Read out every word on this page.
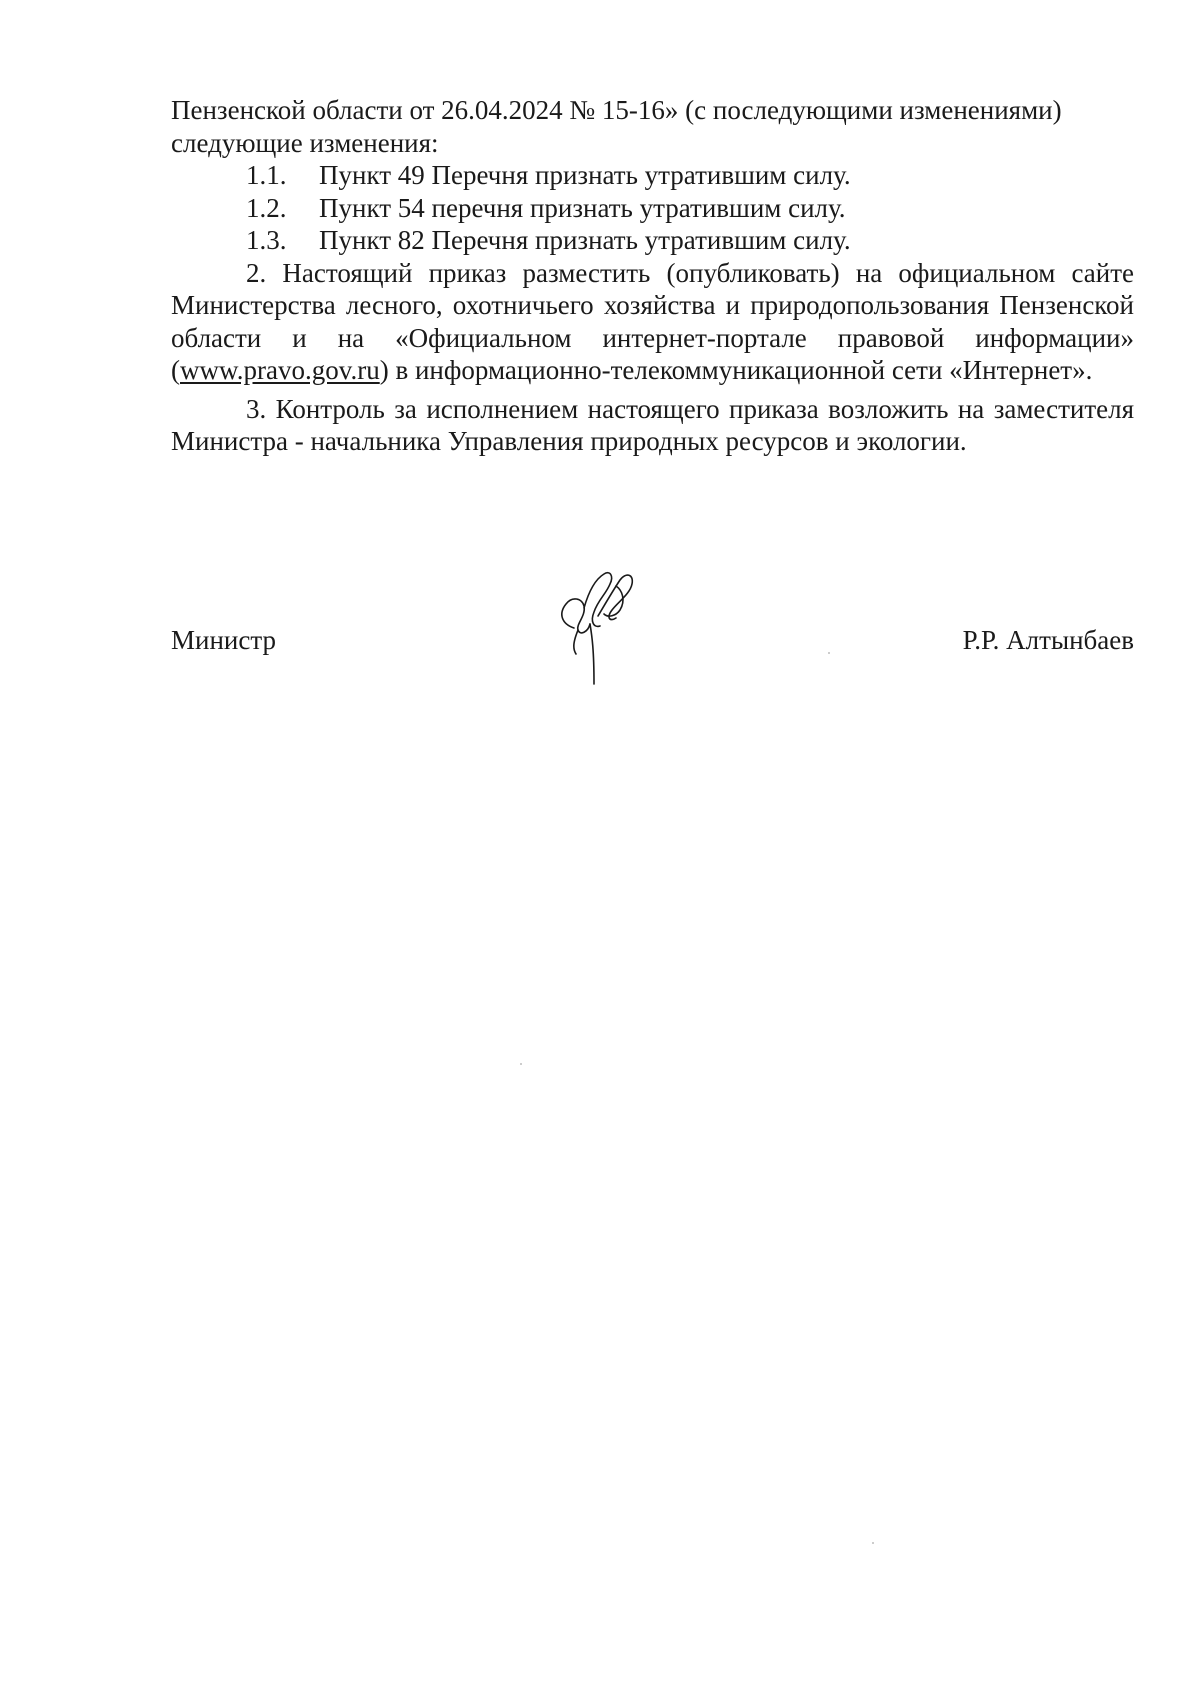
Пензенской области от 26.04.2024 № 15-16» (с последующими изменениями)
следующие изменения:

1.1.	Пункт 49 Перечня признать утратившим силу.

1.2.	Пункт 54 перечня признать утратившим силу.

1.3.	Пункт 82 Перечня признать утратившим силу.

2. Настоящий приказ разместить (опубликовать) на официальном сайте Министерства лесного, охотничьего хозяйства и природопользования Пензенской области и на «Официальном интернет-портале правовой информации» (www.pravo.gov.ru) в информационно-телекоммуникационной сети «Интернет».

3. Контроль за исполнением настоящего приказа возложить на заместителя Министра - начальника Управления природных ресурсов и экологии.

Министр	Р.Р. Алтынбаев
